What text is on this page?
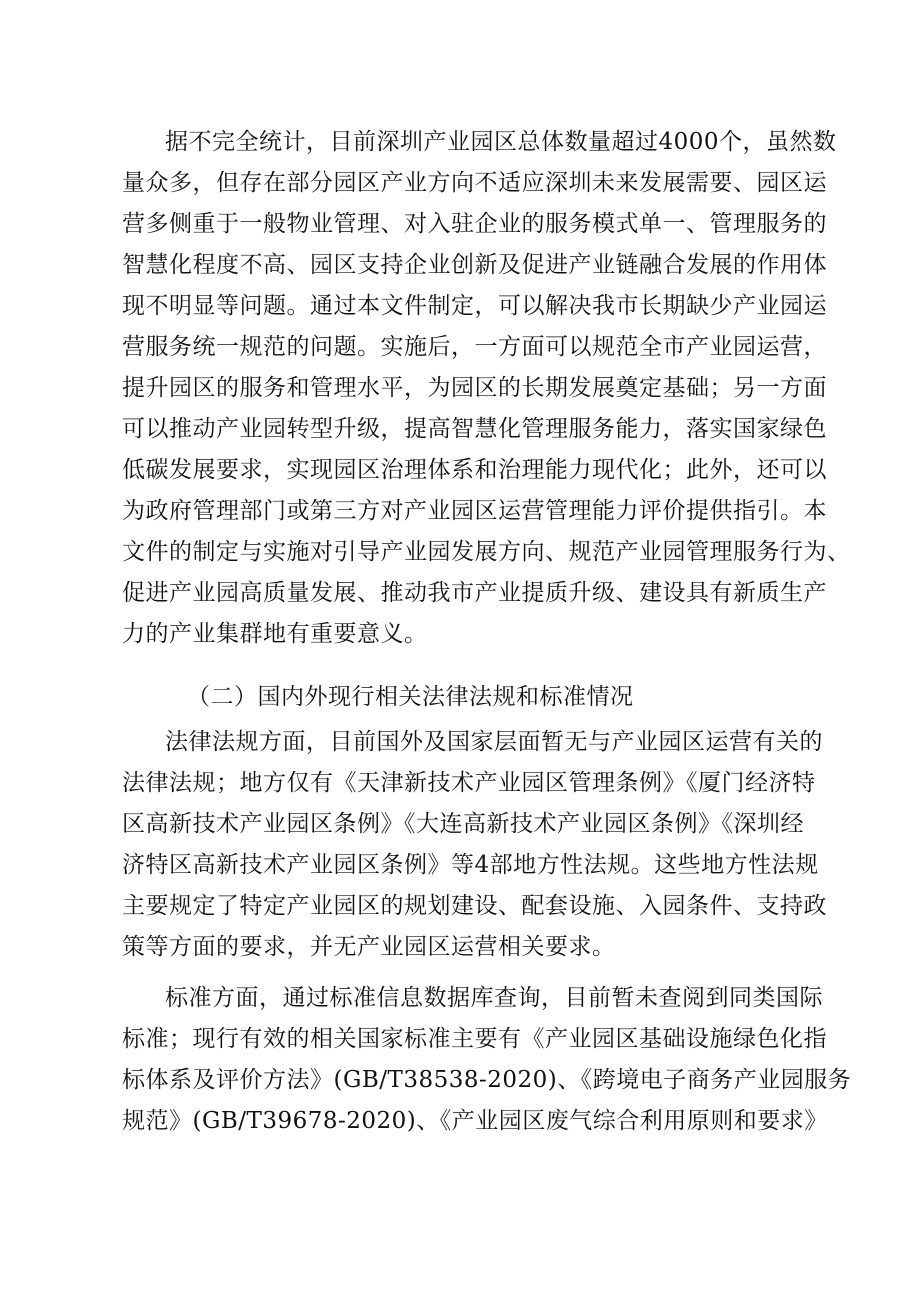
据不完全统计，目前深圳产业园区总体数量超过4000个，虽然数

量众多，但存在部分园区产业方向不适应深圳未来发展需要、园区运

营多侧重于一般物业管理、对入驻企业的服务模式单一、管理服务的

智慧化程度不高、园区支持企业创新及促进产业链融合发展的作用体

现不明显等问题。通过本文件制定，可以解决我市长期缺少产业园运

营服务统一规范的问题。实施后，一方面可以规范全市产业园运营，

提升园区的服务和管理水平，为园区的长期发展奠定基础；另一方面

可以推动产业园转型升级，提高智慧化管理服务能力，落实国家绿色

低碳发展要求，实现园区治理体系和治理能力现代化；此外，还可以

为政府管理部门或第三方对产业园区运营管理能力评价提供指引。本

文件的制定与实施对引导产业园发展方向、规范产业园管理服务行为、

促进产业园高质量发展、推动我市产业提质升级、建设具有新质生产

力的产业集群地有重要意义。

（二）国内外现行相关法律法规和标准情况

法律法规方面，目前国外及国家层面暂无与产业园区运营有关的

法律法规；地方仅有《天津新技术产业园区管理条例》《厦门经济特

区高新技术产业园区条例》《大连高新技术产业园区条例》《深圳经

济特区高新技术产业园区条例》等4部地方性法规。这些地方性法规

主要规定了特定产业园区的规划建设、配套设施、入园条件、支持政

策等方面的要求，并无产业园区运营相关要求。

标准方面，通过标准信息数据库查询，目前暂未查阅到同类国际

标准；现行有效的相关国家标准主要有《产业园区基础设施绿色化指

标体系及评价方法》(GB/T38538-2020)、《跨境电子商务产业园服务

规范》(GB/T39678-2020)、《产业园区废气综合利用原则和要求》
